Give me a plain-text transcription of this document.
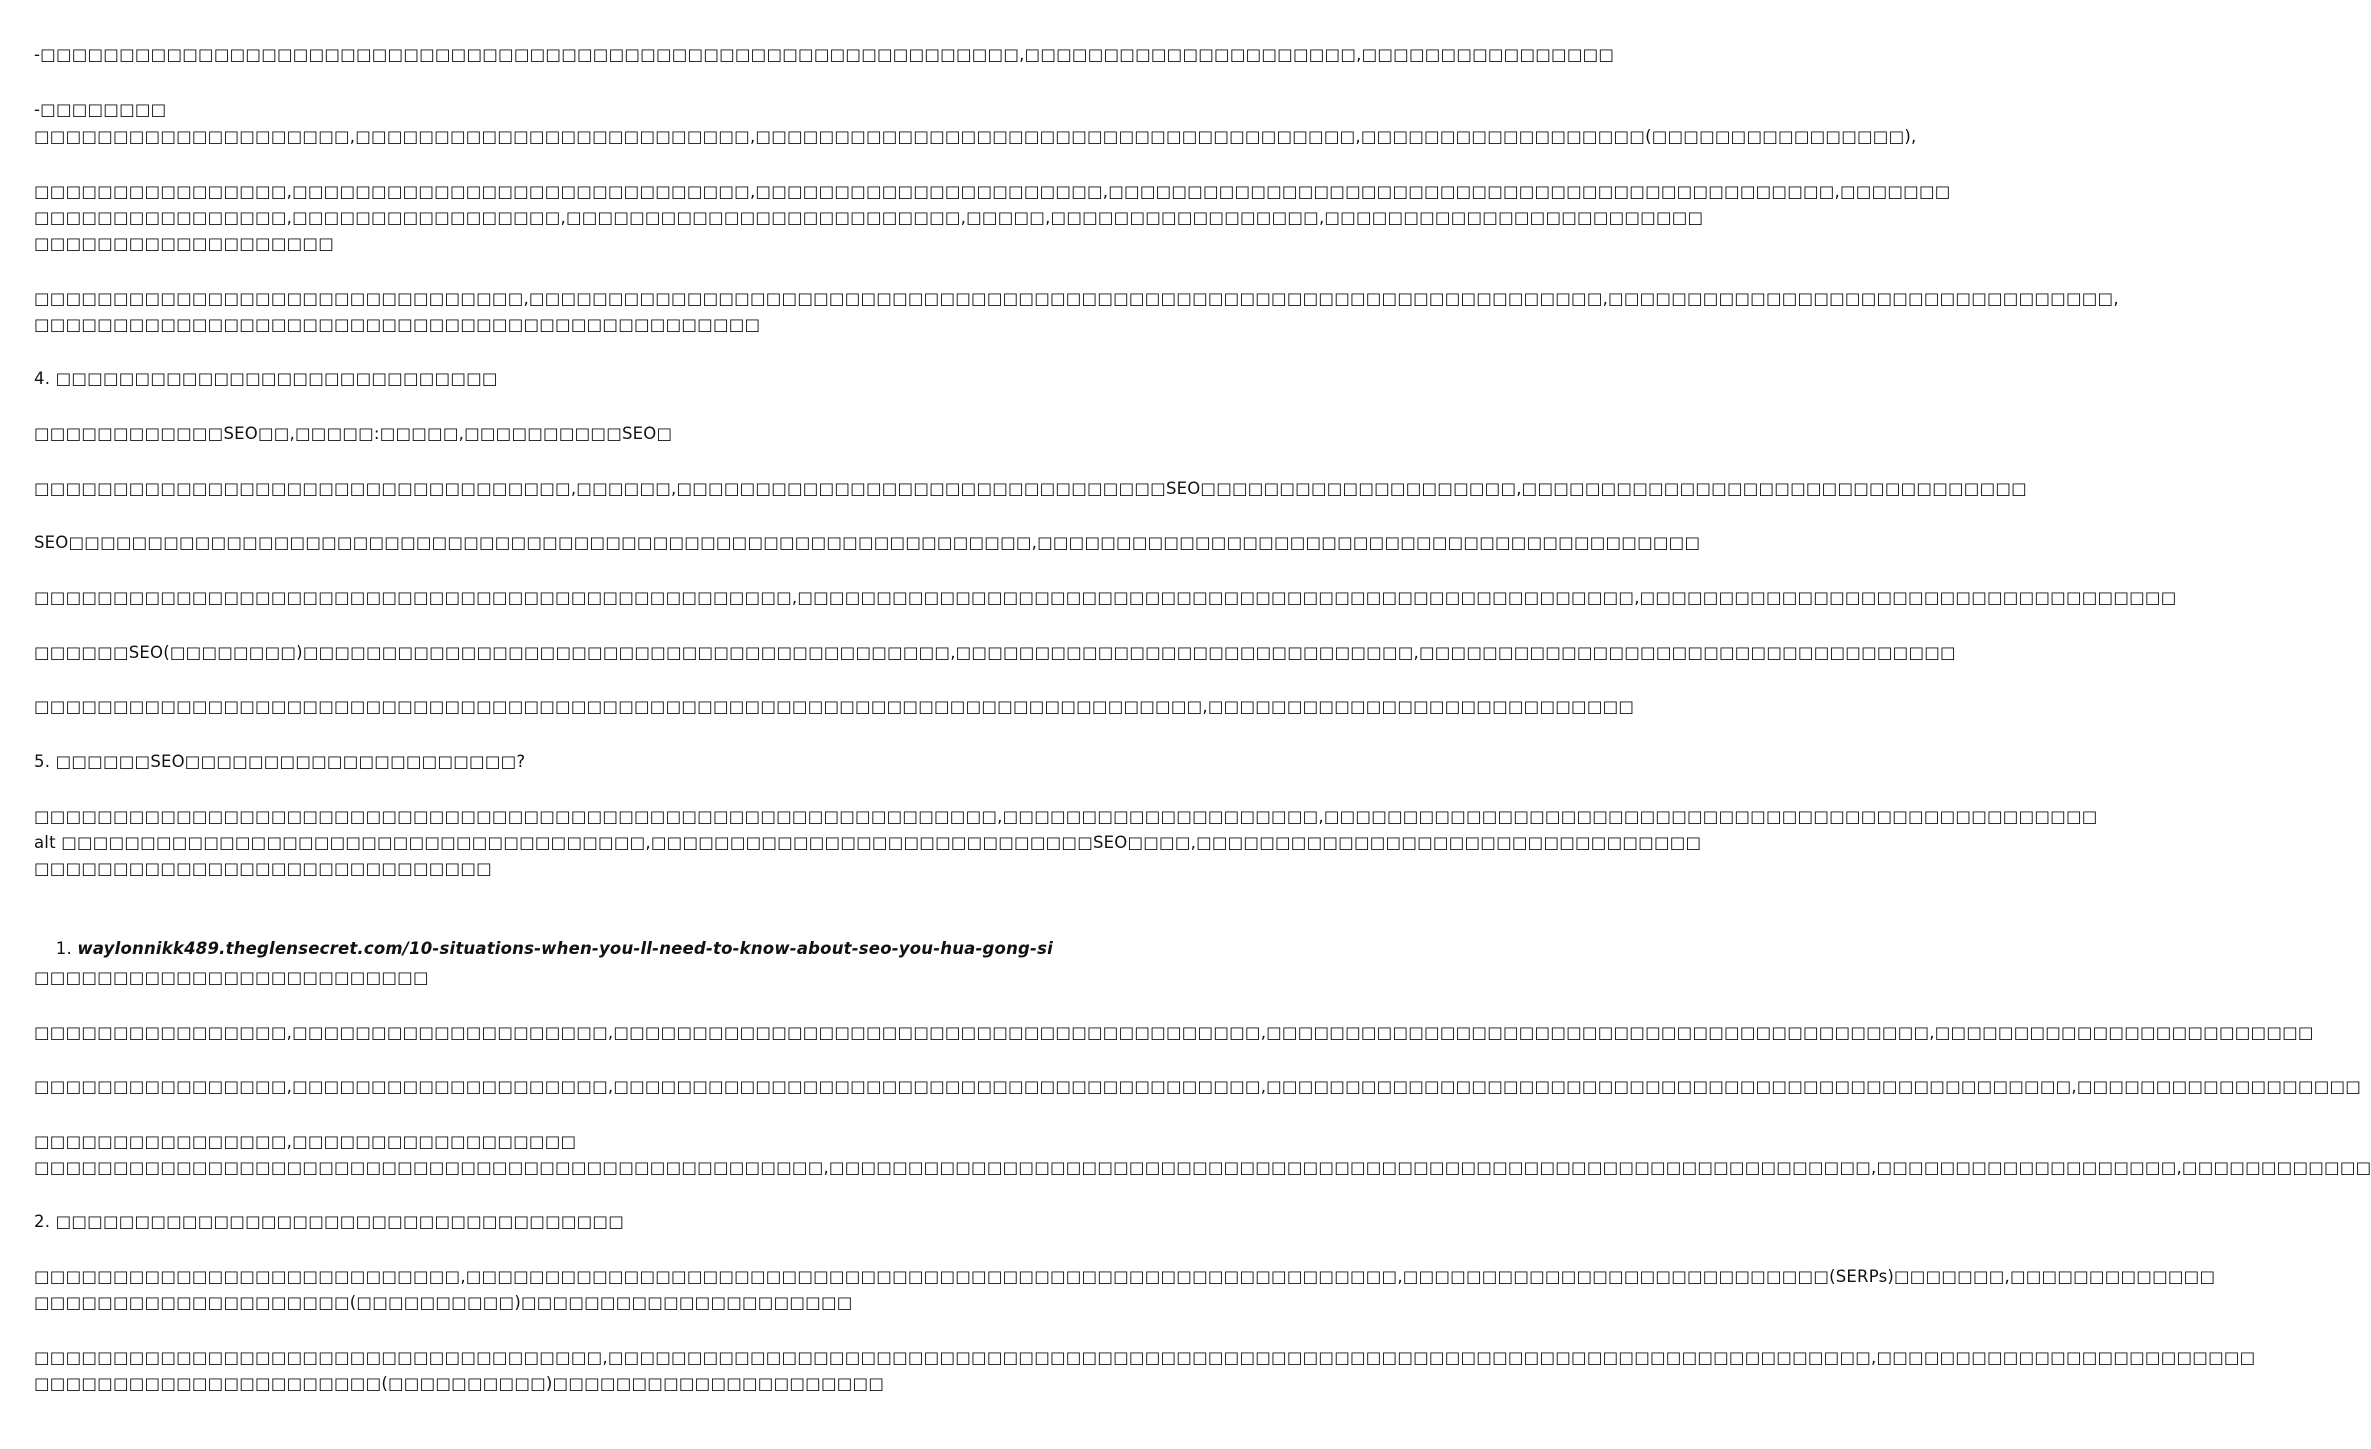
-□□□□□□□□□□□□□□□□□□□□□□□□□□□□□□□□□□□□□□□□□□□□□□□□□□□□□□□□□□□□□□,□□□□□□□□□□□□□□□□□□□□□,□□□□□□□□□□□□□□□□
-□□□□□□□□
□□□□□□□□□□□□□□□□□□□□,□□□□□□□□□□□□□□□□□□□□□□□□□,□□□□□□□□□□□□□□□□□□□□□□□□□□□□□□□□□□□□□□,□□□□□□□□□□□□□□□□□□(□□□□□□□□□□□□□□□□),
□□□□□□□□□□□□□□□□,□□□□□□□□□□□□□□□□□□□□□□□□□□□□□,□□□□□□□□□□□□□□□□□□□□□□,□□□□□□□□□□□□□□□□□□□□□□□□□□□□□□□□□□□□□□□□□□□□□□,□□□□□□□
□□□□□□□□□□□□□□□□,□□□□□□□□□□□□□□□□□,□□□□□□□□□□□□□□□□□□□□□□□□□,□□□□□,□□□□□□□□□□□□□□□□□,□□□□□□□□□□□□□□□□□□□□□□□□
□□□□□□□□□□□□□□□□□□□
□□□□□□□□□□□□□□□□□□□□□□□□□□□□□□□,□□□□□□□□□□□□□□□□□□□□□□□□□□□□□□□□□□□□□□□□□□□□□□□□□□□□□□□□□□□□□□□□□□□□,□□□□□□□□□□□□□□□□□□□□□□□□□□□□□□□□,
□□□□□□□□□□□□□□□□□□□□□□□□□□□□□□□□□□□□□□□□□□□□□□
4. □□□□□□□□□□□□□□□□□□□□□□□□□□□□
□□□□□□□□□□□□SEO□□,□□□□□:□□□□□,□□□□□□□□□□SEO□
□□□□□□□□□□□□□□□□□□□□□□□□□□□□□□□□□□,□□□□□□,□□□□□□□□□□□□□□□□□□□□□□□□□□□□□□□SEO□□□□□□□□□□□□□□□□□□□□,□□□□□□□□□□□□□□□□□□□□□□□□□□□□□□□□
SEO□□□□□□□□□□□□□□□□□□□□□□□□□□□□□□□□□□□□□□□□□□□□□□□□□□□□□□□□□□□□□,□□□□□□□□□□□□□□□□□□□□□□□□□□□□□□□□□□□□□□□□□□
□□□□□□□□□□□□□□□□□□□□□□□□□□□□□□□□□□□□□□□□□□□□□□□□,□□□□□□□□□□□□□□□□□□□□□□□□□□□□□□□□□□□□□□□□□□□□□□□□□□□□□,□□□□□□□□□□□□□□□□□□□□□□□□□□□□□□□□□□
□□□□□□SEO(□□□□□□□□)□□□□□□□□□□□□□□□□□□□□□□□□□□□□□□□□□□□□□□□□□,□□□□□□□□□□□□□□□□□□□□□□□□□□□□□,□□□□□□□□□□□□□□□□□□□□□□□□□□□□□□□□□□
□□□□□□□□□□□□□□□□□□□□□□□□□□□□□□□□□□□□□□□□□□□□□□□□□□□□□□□□□□□□□□□□□□□□□□□□□□,□□□□□□□□□□□□□□□□□□□□□□□□□□□
5. □□□□□□SEO□□□□□□□□□□□□□□□□□□□□□?
□□□□□□□□□□□□□□□□□□□□□□□□□□□□□□□□□□□□□□□□□□□□□□□□□□□□□□□□□□□□□,□□□□□□□□□□□□□□□□□□□□,□□□□□□□□□□□□□□□□□□□□□□□□□□□□□□□□□□□□□□□□□□□□□□□□□
alt □□□□□□□□□□□□□□□□□□□□□□□□□□□□□□□□□□□□□,□□□□□□□□□□□□□□□□□□□□□□□□□□□□SEO□□□□,□□□□□□□□□□□□□□□□□□□□□□□□□□□□□□□□
□□□□□□□□□□□□□□□□□□□□□□□□□□□□□

1. waylonnikk489.theglensecret.com/10-situations-when-you-ll-need-to-know-about-seo-you-hua-gong-si

□□□□□□□□□□□□□□□□□□□□□□□□□
□□□□□□□□□□□□□□□□,□□□□□□□□□□□□□□□□□□□□,□□□□□□□□□□□□□□□□□□□□□□□□□□□□□□□□□□□□□□□□□,□□□□□□□□□□□□□□□□□□□□□□□□□□□□□□□□□□□□□□□□□□,□□□□□□□□□□□□□□□□□□□□□□□□
□□□□□□□□□□□□□□□□,□□□□□□□□□□□□□□□□□□□□,□□□□□□□□□□□□□□□□□□□□□□□□□□□□□□□□□□□□□□□□□,□□□□□□□□□□□□□□□□□□□□□□□□□□□□□□□□□□□□□□□□□□□□□□□□□□□,□□□□□□□□□□□□□□□□□□
□□□□□□□□□□□□□□□□,□□□□□□□□□□□□□□□□□□
□□□□□□□□□□□□□□□□□□□□□□□□□□□□□□□□□□□□□□□□□□□□□□□□□□,□□□□□□□□□□□□□□□□□□□□□□□□□□□□□□□□□□□□□□□□□□□□□□□□□□□□□□□□□□□□□□□□□□,□□□□□□□□□□□□□□□□□□□,□□□□□□□□□□□□
2. □□□□□□□□□□□□□□□□□□□□□□□□□□□□□□□□□□□□
□□□□□□□□□□□□□□□□□□□□□□□□□□□,□□□□□□□□□□□□□□□□□□□□□□□□□□□□□□□□□□□□□□□□□□□□□□□□□□□□□□□□□□□,□□□□□□□□□□□□□□□□□□□□□□□□□□□(SERPs)□□□□□□□,□□□□□□□□□□□□□
□□□□□□□□□□□□□□□□□□□□(□□□□□□□□□□)□□□□□□□□□□□□□□□□□□□□□
□□□□□□□□□□□□□□□□□□□□□□□□□□□□□□□□□□□□,□□□□□□□□□□□□□□□□□□□□□□□□□□□□□□□□□□□□□□□□□□□□□□□□□□□□□□□□□□□□□□□□□□□□□□□□□□□□□□□□,□□□□□□□□□□□□□□□□□□□□□□□□
□□□□□□□□□□□□□□□□□□□□□□(□□□□□□□□□□)□□□□□□□□□□□□□□□□□□□□□
